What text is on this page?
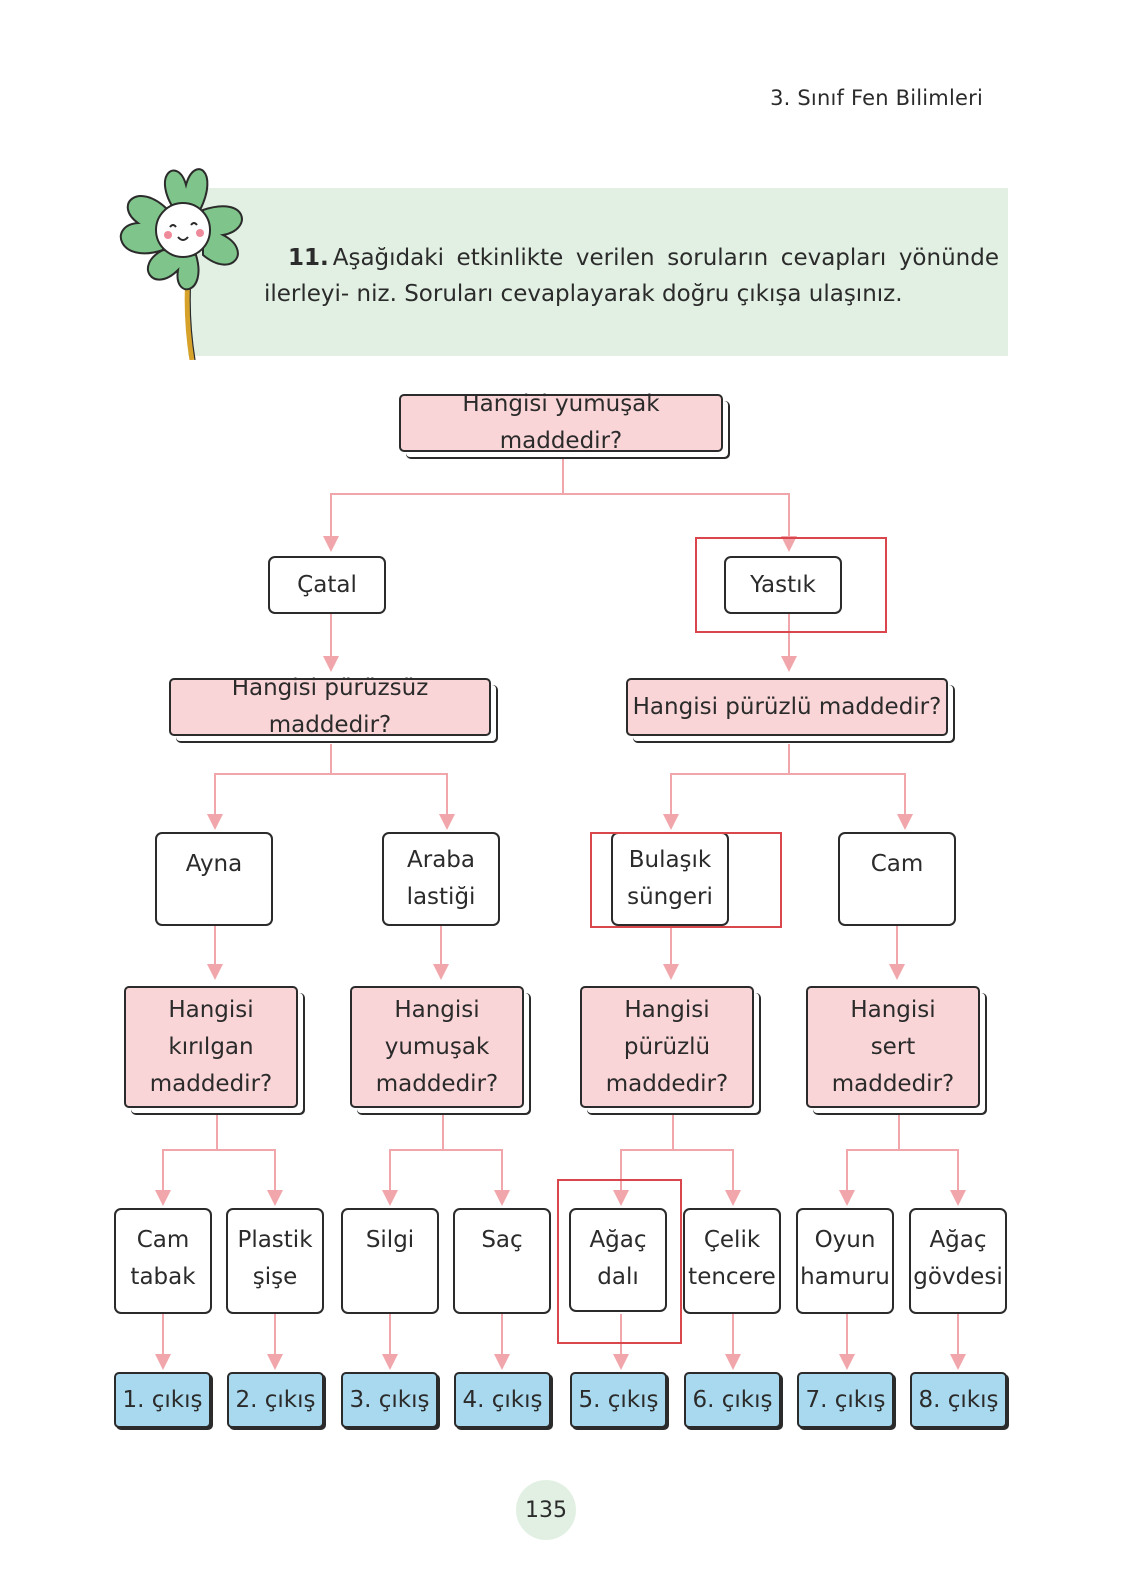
3. Sınıf Fen Bilimleri
11. Aşağıdaki etkinlikte verilen soruların cevapları yönünde ilerleyi- niz. Soruları cevaplayarak doğru çıkışa ulaşınız.
Hangisi yumuşak maddedir?
Çatal	Yastık
Hangisi pürüzsüz maddedir?
Hangisi pürüzlü maddedir?
Ayna	Araba
lastiği
Bulaşık
süngeri
Cam
Hangisi
kırılgan
maddedir?
Hangisi
yumuşak
maddedir?
Hangisi
pürüzlü
maddedir?
Hangisi
sert
maddedir?
Cam
tabak
Plastik
şişe
Silgi	Saç	Ağaç
dalı
Çelik
tencere
Oyun
hamuru
Ağaç
gövdesi
1. çıkış	2. çıkış	3. çıkış	4. çıkış	5. çıkış	6. çıkış	7. çıkış	8. çıkış
135
